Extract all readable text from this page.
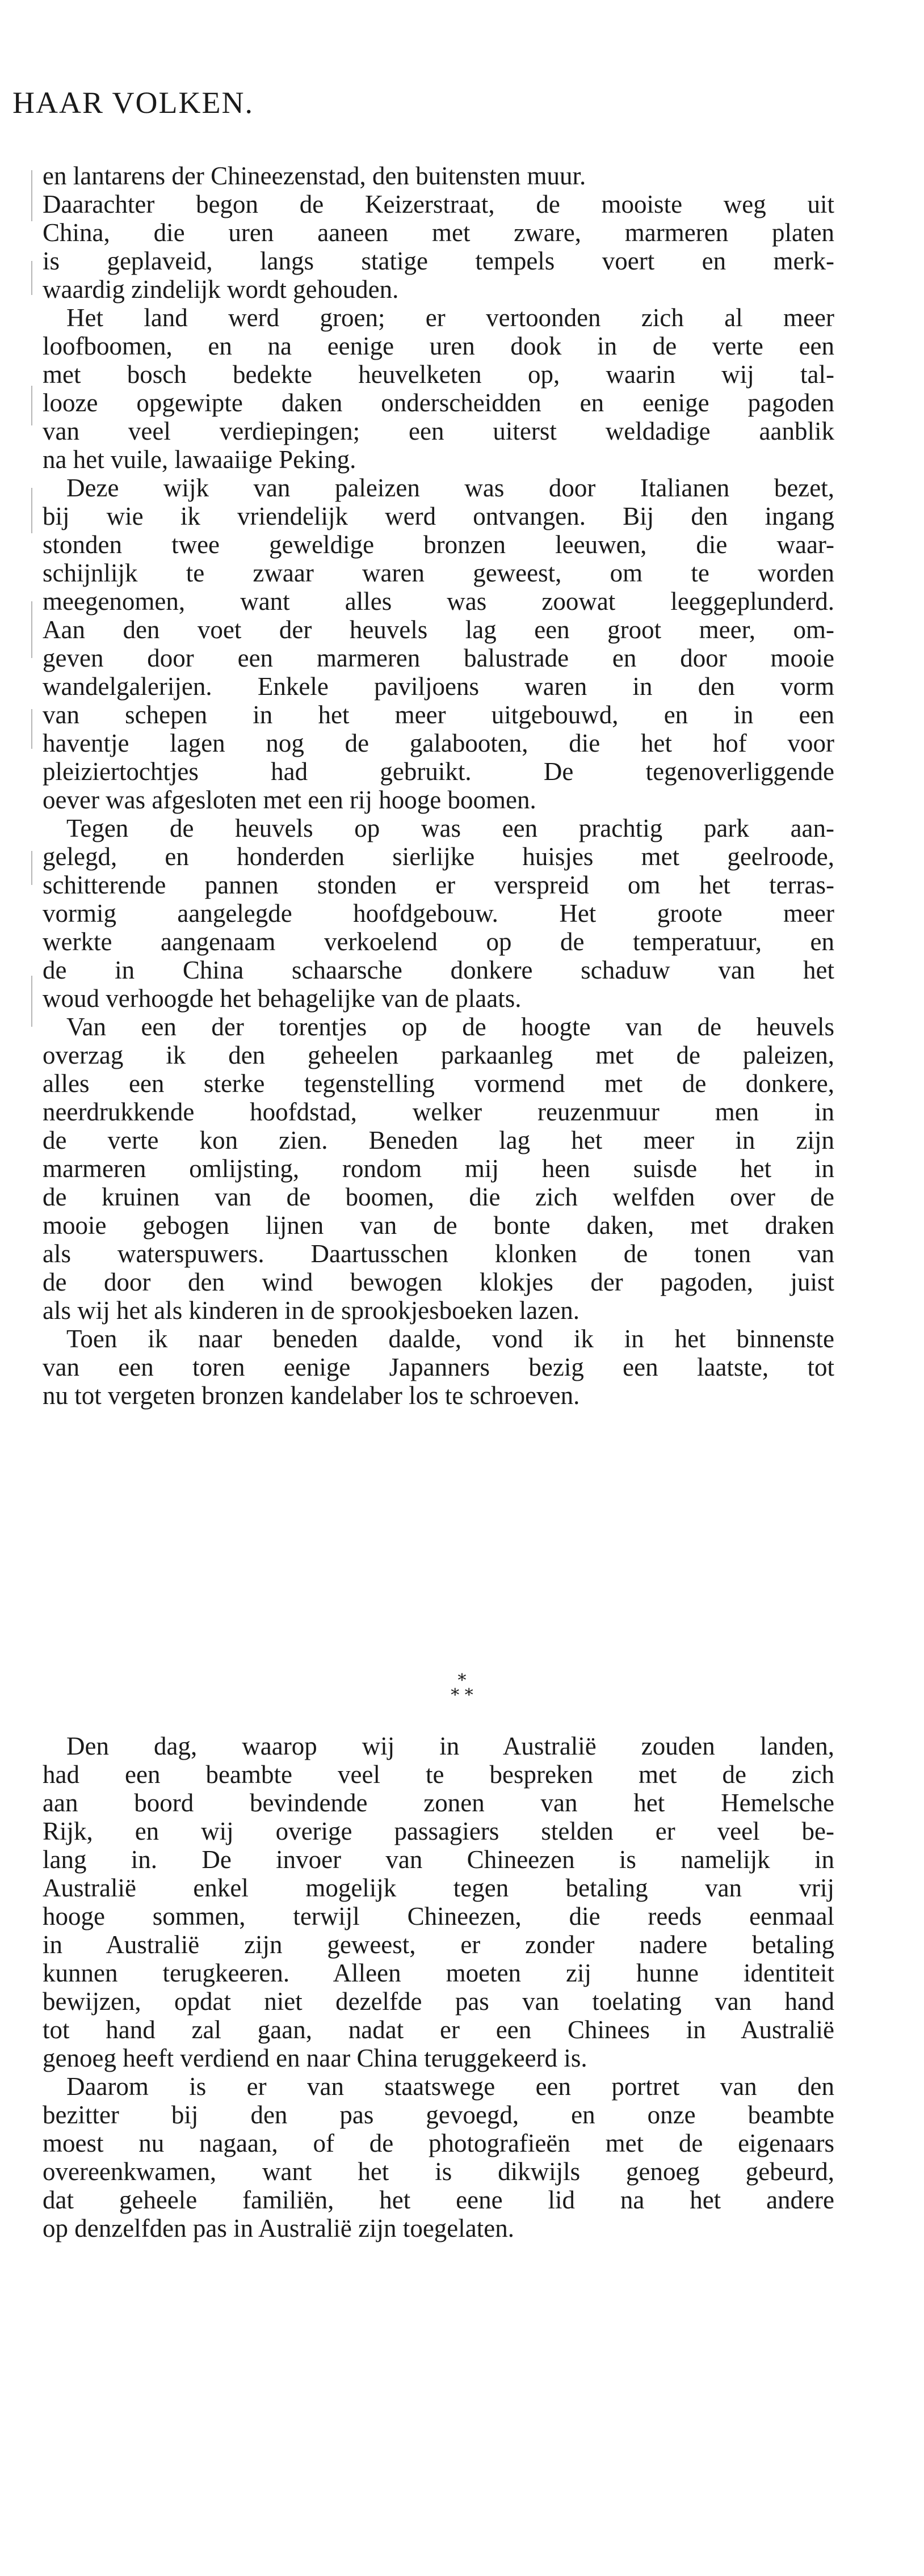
HAAR VOLKEN.
en lantarens der Chineezenstad, den buitensten muur.
Daarachter begon de Keizerstraat, de mooiste weg uit
China, die uren aaneen met zware, marmeren platen
is geplaveid, langs statige tempels voert en merk-
waardig zindelijk wordt gehouden.
Het land werd groen; er vertoonden zich al meer
loofboomen, en na eenige uren dook in de verte een
met bosch bedekte heuvelketen op, waarin wij tal-
looze opgewipte daken onderscheidden en eenige pagoden
van veel verdiepingen; een uiterst weldadige aanblik
na het vuile, lawaaiige Peking.
Deze wijk van paleizen was door Italianen bezet,
bij wie ik vriendelijk werd ontvangen. Bij den ingang
stonden twee geweldige bronzen leeuwen, die waar-
schijnlijk te zwaar waren geweest, om te worden
meegenomen, want alles was zoowat leeggeplunderd.
Aan den voet der heuvels lag een groot meer, om-
geven door een marmeren balustrade en door mooie
wandelgalerijen. Enkele paviljoens waren in den vorm
van schepen in het meer uitgebouwd, en in een
haventje lagen nog de galabooten, die het hof voor
pleiziertochtjes had gebruikt. De tegenoverliggende
oever was afgesloten met een rij hooge boomen.
Tegen de heuvels op was een prachtig park aan-
gelegd, en honderden sierlijke huisjes met geelroode,
schitterende pannen stonden er verspreid om het terras-
vormig aangelegde hoofdgebouw. Het groote meer
werkte aangenaam verkoelend op de temperatuur, en
de in China schaarsche donkere schaduw van het
woud verhoogde het behagelijke van de plaats.
Van een der torentjes op de hoogte van de heuvels
overzag ik den geheelen parkaanleg met de paleizen,
alles een sterke tegenstelling vormend met de donkere,
neerdrukkende hoofdstad, welker reuzenmuur men in
de verte kon zien. Beneden lag het meer in zijn
marmeren omlijsting, rondom mij heen suisde het in
de kruinen van de boomen, die zich welfden over de
mooie gebogen lijnen van de bonte daken, met draken
als waterspuwers. Daartusschen klonken de tonen van
de door den wind bewogen klokjes der pagoden, juist
als wij het als kinderen in de sprookjesboeken lazen.
Toen ik naar beneden daalde, vond ik in het binnenste
van een toren eenige Japanners bezig een laatste, tot
nu tot vergeten bronzen kandelaber los te schroeven.
*
* *
Den dag, waarop wij in Australië zouden landen,
had een beambte veel te bespreken met de zich
aan boord bevindende zonen van het Hemelsche
Rijk, en wij overige passagiers stelden er veel be-
lang in. De invoer van Chineezen is namelijk in
Australië enkel mogelijk tegen betaling van vrij
hooge sommen, terwijl Chineezen, die reeds eenmaal
in Australië zijn geweest, er zonder nadere betaling
kunnen terugkeeren. Alleen moeten zij hunne identiteit
bewijzen, opdat niet dezelfde pas van toelating van hand
tot hand zal gaan, nadat er een Chinees in Australië
genoeg heeft verdiend en naar China teruggekeerd is.
Daarom is er van staatswege een portret van den
bezitter bij den pas gevoegd, en onze beambte
moest nu nagaan, of de photografieën met de eigenaars
overeenkwamen, want het is dikwijls genoeg gebeurd,
dat geheele familiën, het eene lid na het andere
op denzelfden pas in Australië zijn toegelaten.
